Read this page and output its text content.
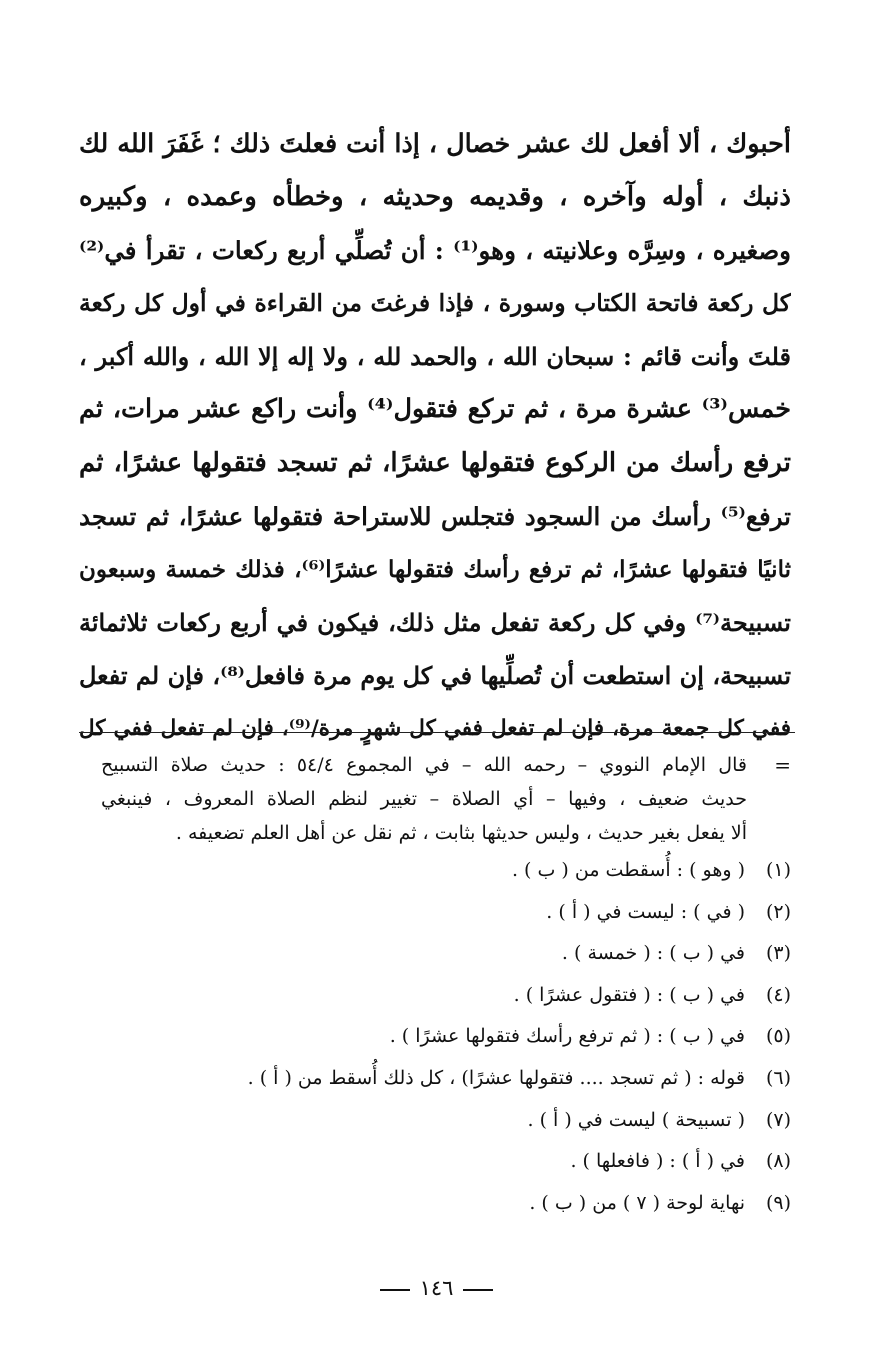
أحبوك ، ألا أفعل لك عشر خصال ، إذا أنت فعلتَ ذلك ؛ غَفَرَ الله لك
ذنبك ، أوله وآخره ، وقديمه وحديثه ، وخطأه وعمده ، وكبيره
وصغيره ، وسِرَّه وعلانيته ، وهو⁽¹⁾ : أن تُصلِّي أربع ركعات ، تقرأ في⁽²⁾
كل ركعة فاتحة الكتاب وسورة ، فإذا فرغتَ من القراءة في أول كل ركعة
قلتَ وأنت قائم : سبحان الله ، والحمد لله ، ولا إله إلا الله ، والله أكبر ،
خمس⁽³⁾ عشرة مرة ، ثم تركع فتقول⁽⁴⁾ وأنت راكع عشر مرات، ثم
ترفع رأسك من الركوع فتقولها عشرًا، ثم تسجد فتقولها عشرًا، ثم
ترفع⁽⁵⁾ رأسك من السجود فتجلس للاستراحة فتقولها عشرًا، ثم تسجد
ثانيًا فتقولها عشرًا، ثم ترفع رأسك فتقولها عشرًا⁽⁶⁾، فذلك خمسة وسبعون
تسبيحة⁽⁷⁾ وفي كل ركعة تفعل مثل ذلك، فيكون في أربع ركعات ثلاثمائة
تسبيحة، إن استطعت أن تُصلِّيها في كل يوم مرة فافعل⁽⁸⁾، فإن لم تفعل
ففي كل جمعة مرة، فإن لم تفعل ففي كل شهرٍ مرة/⁽⁹⁾، فإن لم تفعل ففي كل
=
قال الإمام النووي – رحمه الله – في المجموع ٥٤/٤ : حديث صلاة التسبيح
حديث ضعيف ، وفيها – أي الصلاة – تغيير لنظم الصلاة المعروف ، فينبغي
ألا يفعل بغير حديث ، وليس حديثها بثابت ، ثم نقل عن أهل العلم تضعيفه .
(١)
( وهو ) : أُسقطت من ( ب ) .
(٢)
( في ) : ليست في ( أ ) .
(٣)
في ( ب ) : ( خمسة ) .
(٤)
في ( ب ) : ( فتقول عشرًا ) .
(٥)
في ( ب ) : ( ثم ترفع رأسك فتقولها عشرًا ) .
(٦)
قوله : ( ثم تسجد .... فتقولها عشرًا) ، كل ذلك أُسقط من ( أ ) .
(٧)
( تسبيحة ) ليست في ( أ ) .
(٨)
في ( أ ) : ( فافعلها ) .
(٩)
نهاية لوحة ( ٧ ) من ( ب ) .
١٤٦
